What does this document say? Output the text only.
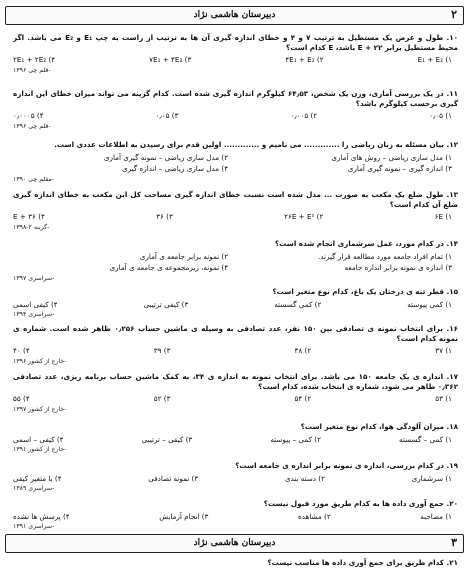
۲
دبیرستان هاشمی نژاد
۱۰. طول و عرض یک مستطیل به ترتیب ۷ و ۴ و خطای اندازه گیری آن ها به ترتیب از راست به چپ E₁ و E₂ می باشد. اگر محیط مستطیل برابر E + ۲۲ باشد، E کدام است؟
۱) E₁ + E₂
۲) ۴E₁ + E₂
۳) ۷E₁ + ۴E₂
۴) ۲E₁ + ۲E₂
-قلم چی ۱۳۹۶
۱۱. در یک بررسی آماری، وزن یک شخص، ۶۴٫۵۳ کیلوگرم اندازه گیری شده است. کدام گزینه می تواند میزان خطای این اندازه گیری برحسب کیلوگرم باشد؟
۱) ۰٫۰۵
۲) ۰٫۰۰۵
۳) ۰٫۰۵
۴) ۰٫۰۰۰۵
-قلم چی ۱۳۹۶
۱۲. بیان مسئله به زبان ریاضی را ............. می نامیم و ............. اولین قدم برای رسیدن به اطلاعات عددی است.
۱) مدل سازی ریاضی – روش های آماری
۲) مدل سازی ریاضی – نمونه گیری آماری
۳) اندازه گیری – نمونه گیری آماری
۴) مدل سازی ریاضی – اندازه گیری
-مقلم چی ۱۳۹۰
۱۳. طول ضلع یک مکعب به صورت ... مدل شده است نسبت خطای اندازه گیری مساحت کل این مکعب به خطای اندازه گیری ضلع آن کدام است؟
۱) ۶E
۲) ۲۶E + E²
۳) ۳۶
۴) ۳۶ + E
-گزینه ۲-۱۳۹۸
۱۴. در کدام مورد، عمل سرشماری انجام شده است؟
۱) تمام افراد جامعه مورد مطالعه قرار گیرند.
۲) نمونه برابر جامعه ی آماری
۳) اندازه ی نمونه برابر اندازه جامعه
۴) نمونه، زیرمجموعه ی جامعه ی آماری
-سراسری ۱۳۹۷
۱۵. قطر تنه ی درختان یک باغ، کدام نوع متغیر است؟
۱) کمی پیوسته
۲) کمی گسسته
۳) کیفی ترتیبی
۴) کیفی اسمی
-سراسری ۱۳۹۴
۱۶. برای انتخاب نمونه ی تصادفی بین ۱۵۰ نفر، عدد تصادفی به وسیله ی ماشین حساب ۰٫۲۵۶ ظاهر شده است. شماره ی نمونه کدام است؟
۱) ۳۷
۲) ۳۸
۳) ۳۹
۴) ۴۰
-خارج از کشور ۱۳۹۶
۱۷. اندازه ی یک جامعه ۱۵۰ می باشد. برای انتخاب نمونه به اندازه ی ۳۴، به کمک ماشین حساب برنامه ریزی، عدد تصادفی ۰٫۳۶۲ ظاهر می شود، شماره ی انتخاب شده، کدام است؟
۱) ۵۳
۲) ۵۴
۳) ۵۲
۴) ۵۵
-خارج از کشور ۱۳۹۷
۱۸. میزان آلودگی هوا، کدام نوع متغیر است؟
۱) کمی – گسسته
۲) کمی – پیوسته
۳) کیفی – ترتیبی
۴) کیفی – اسمی
-خارج از کشور ۱۳۹۱
۱۹. در کدام بررسی، اندازه ی نمونه برابر اندازه ی جامعه است؟
۱) سرشماری
۲) دسته بندی
۳) نمونه تصادفی
۴) با متغیر کیفی
-سراسری ۱۳۸۹
۲۰. جمع آوری داده ها به کدام طریق مورد قبول نیست؟
۱) مصاحبه
۲) مشاهده
۳) انجام آزمایش
۴) پرسش ها نشده
-سراسری ۱۳۹۱
۳
دبیرستان هاشمی نژاد
۲۱. کدام طریق برای جمع آوری داده ها مناسب نیست؟
